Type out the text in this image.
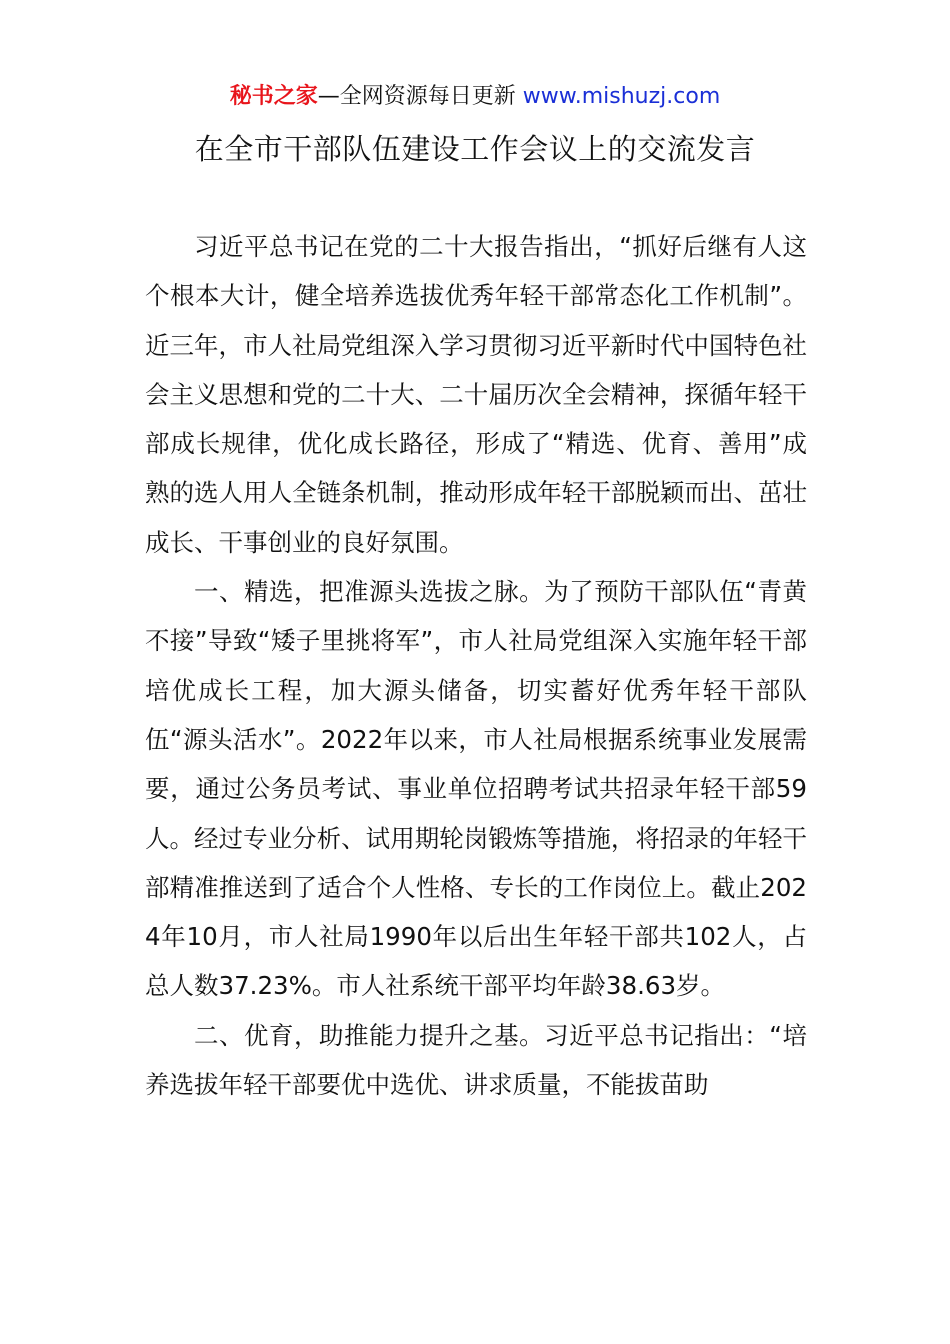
秘书之家—全网资源每日更新 www.mishuzj.com
在全市干部队伍建设工作会议上的交流发言

习近平总书记在党的二十大报告指出，“抓好后继有人这个根本大计，健全培养选拔优秀年轻干部常态化工作机制”。近三年，市人社局党组深入学习贯彻习近平新时代中国特色社会主义思想和党的二十大、二十届历次全会精神，探循年轻干部成长规律，优化成长路径，形成了“精选、优育、善用”成熟的选人用人全链条机制，推动形成年轻干部脱颖而出、茁壮成长、干事创业的良好氛围。

一、精选，把准源头选拔之脉。为了预防干部队伍“青黄不接”导致“矮子里挑将军”，市人社局党组深入实施年轻干部培优成长工程，加大源头储备，切实蓄好优秀年轻干部队伍“源头活水”。2022年以来，市人社局根据系统事业发展需要，通过公务员考试、事业单位招聘考试共招录年轻干部59人。经过专业分析、试用期轮岗锻炼等措施，将招录的年轻干部精准推送到了适合个人性格、专长的工作岗位上。截止2024年10月，市人社局1990年以后出生年轻干部共102人，占总人数37.23%。市人社系统干部平均年龄38.63岁。

二、优育，助推能力提升之基。习近平总书记指出：“培养选拔年轻干部要优中选优、讲求质量，不能拔苗助
